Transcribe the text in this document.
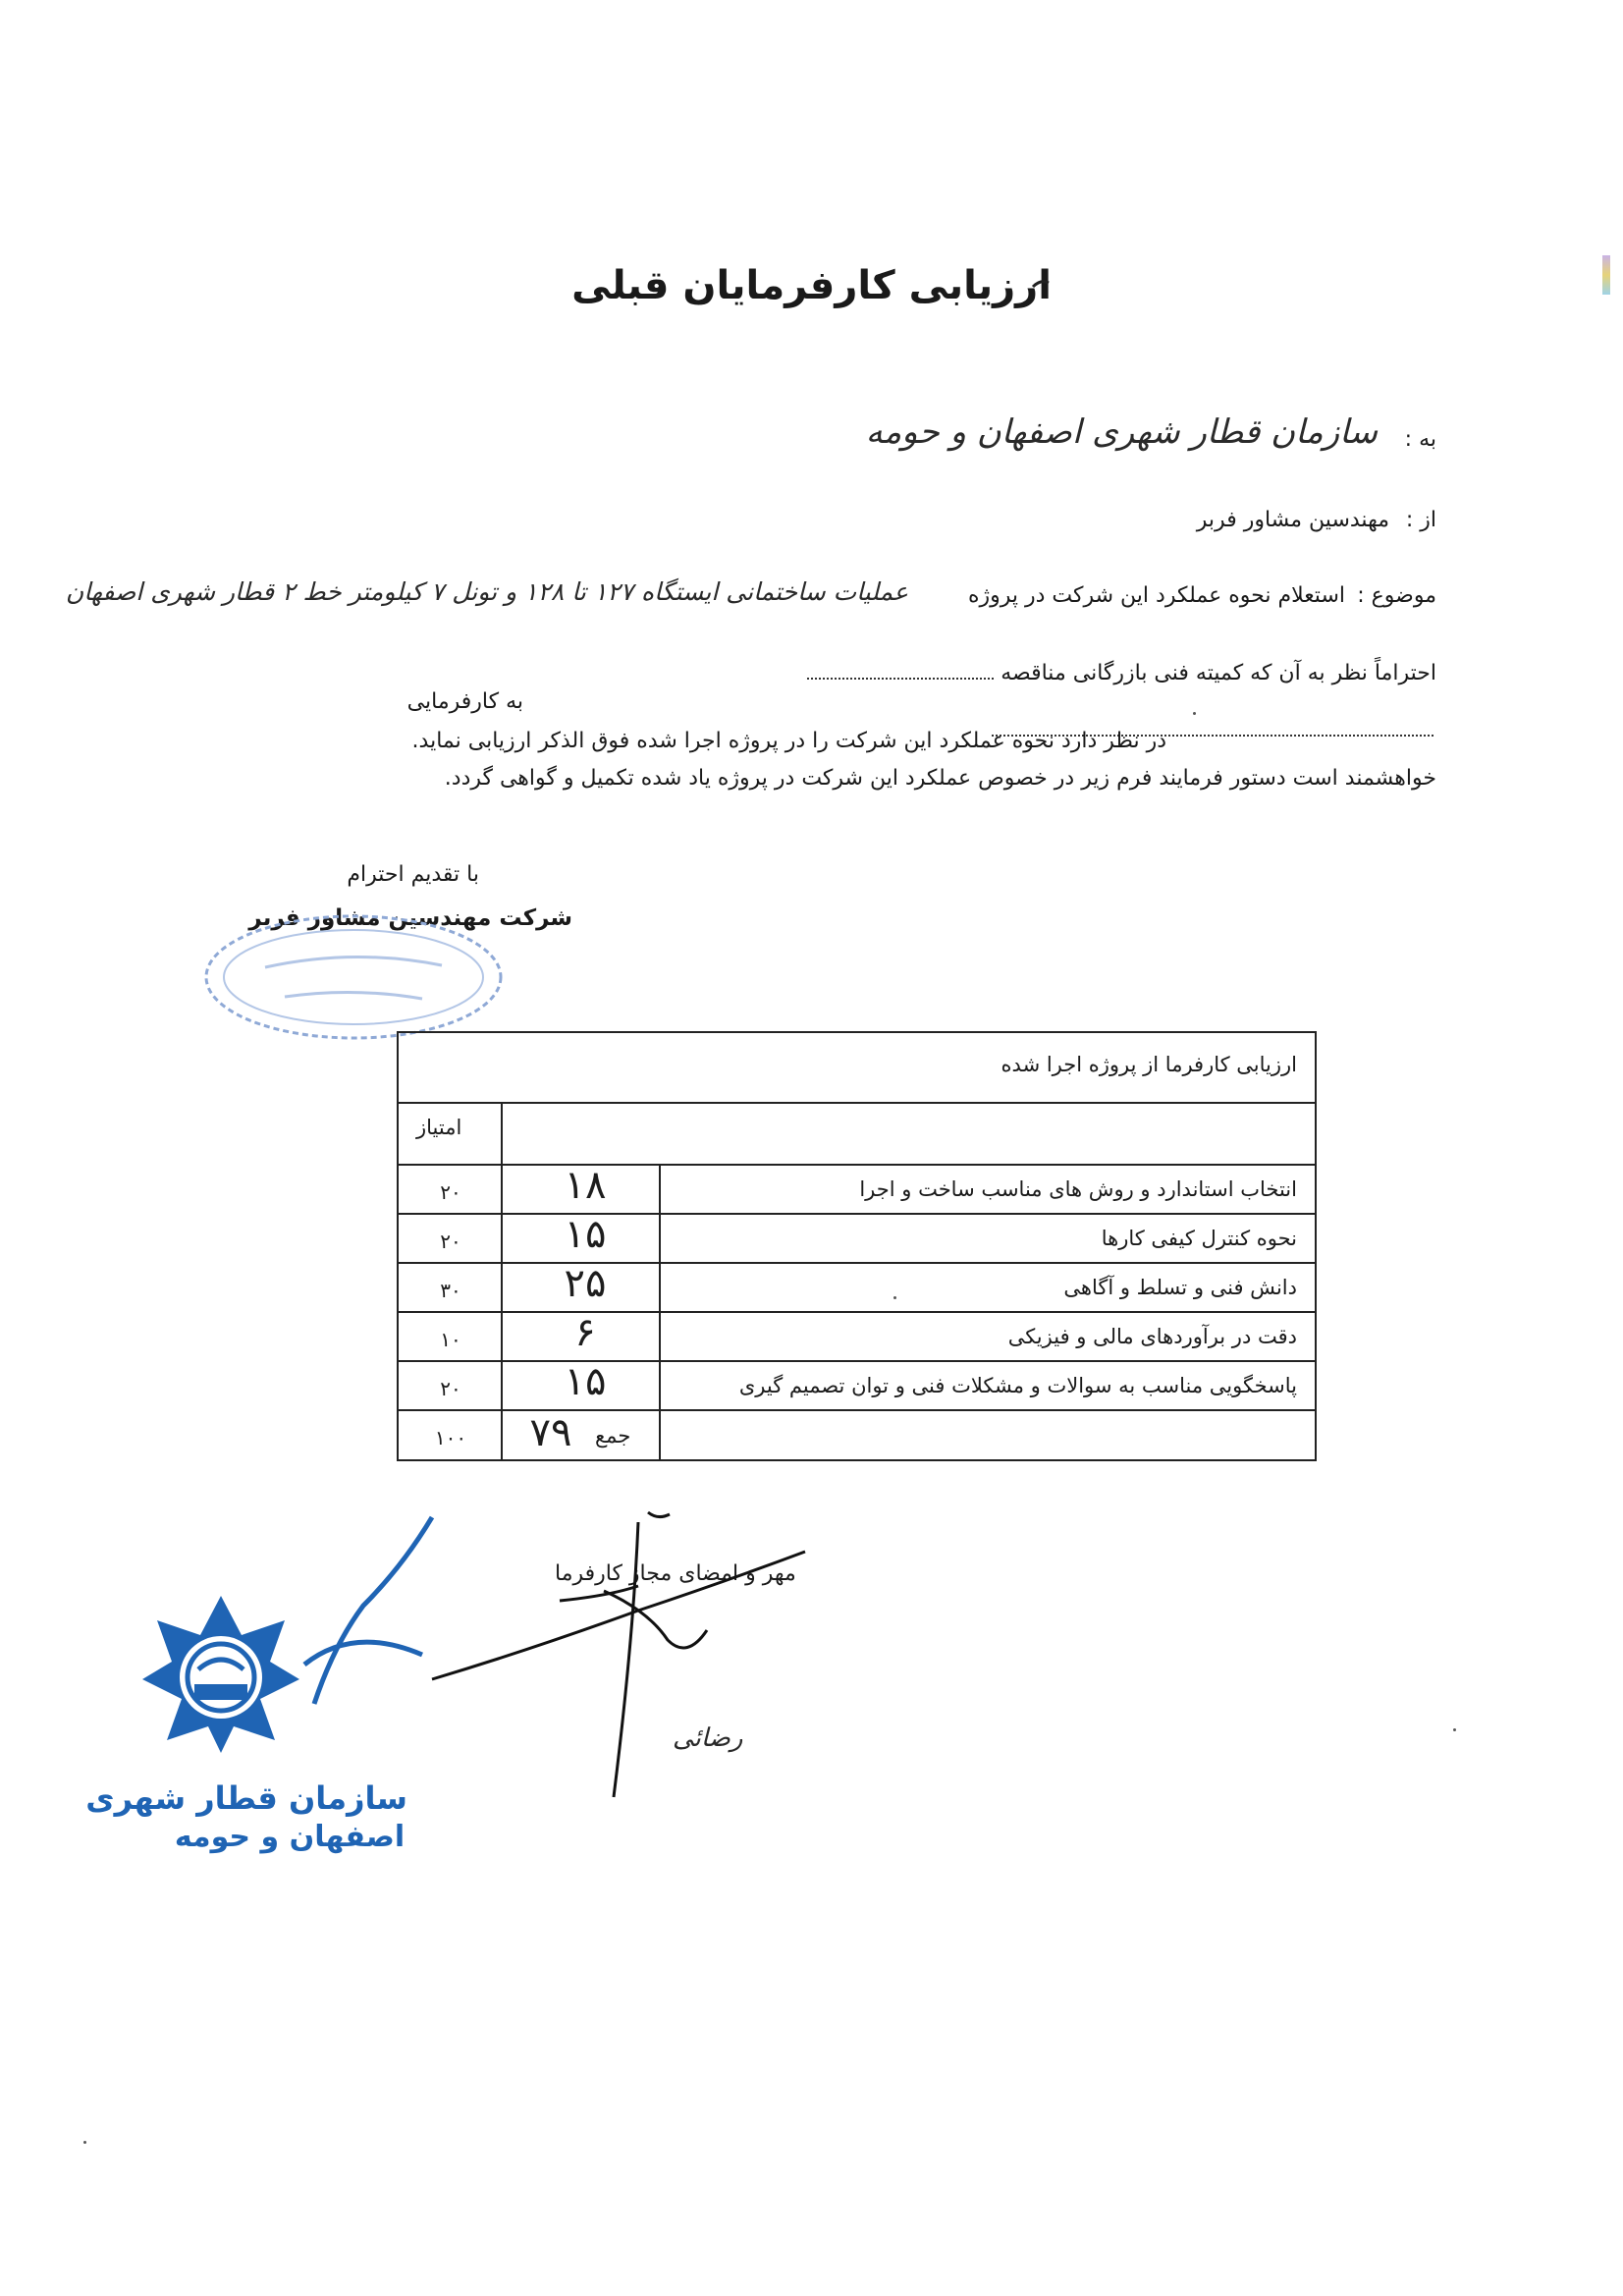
ارزیابی کارفرمایان قبلی
به :
سازمان قطار شهری اصفهان و حومه
از :
مهندسین مشاور فربر
موضوع :
استعلام نحوه عملکرد این شرکت در پروژه
عملیات ساختمانی ایستگاه ۱۲۷ تا ۱۲۸ و تونل ۷ کیلومتر خط ۲ قطار شهری اصفهان
احتراماً نظر به آن که کمیته فنی بازرگانی مناقصه
به کارفرمایی
در نظر دارد نحوه عملکرد این شرکت را در پروژه اجرا شده فوق الذکر ارزیابی نماید.
خواهشمند است دستور فرمایند فرم زیر در خصوص عملکرد این شرکت در پروژه یاد شده تکمیل و گواهی گردد.
با تقدیم احترام
شرکت مهندسین مشاور فربر
ارزیابی کارفرما از پروژه اجرا شده
امتیاز
انتخاب استاندارد و روش های مناسب ساخت و اجرا
۱۸
۲۰
نحوه کنترل کیفی کارها
۱۵
۲۰
دانش فنی و تسلط و آگاهی
۲۵
۳۰
دقت در برآوردهای مالی و فیزیکی
۶
۱۰
پاسخگویی مناسب به سوالات و مشکلات فنی و توان تصمیم گیری
۱۵
۲۰
جمع
۷۹
۱۰۰
مهر و امضای مجاز کارفرما
رضائی
سازمان قطار شهری
اصفهان و حومه
